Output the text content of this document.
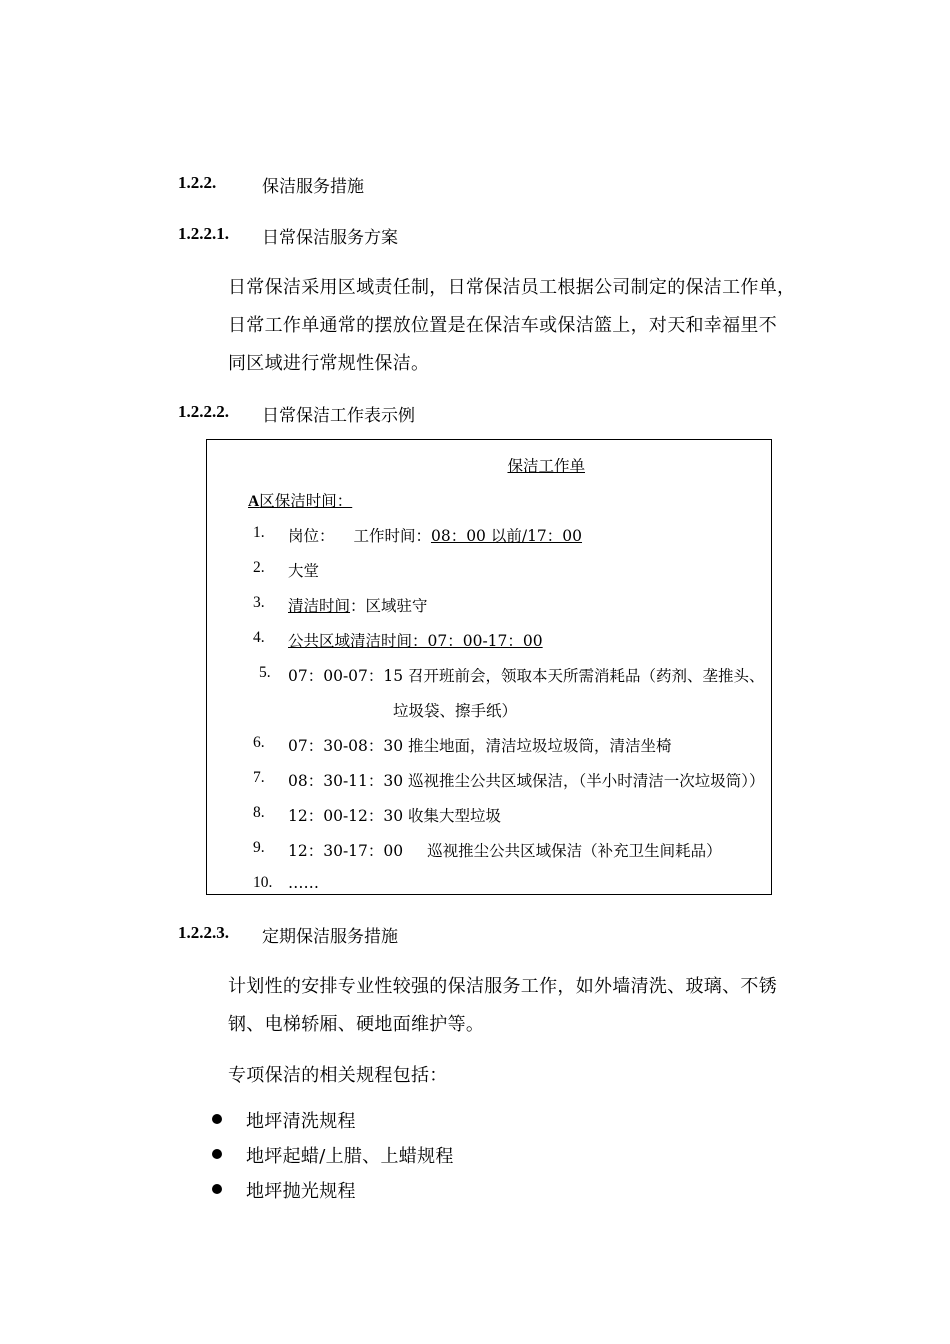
1.2.2.	保洁服务措施
1.2.2.1. 日常保洁服务方案
日常保洁采用区域责任制，日常保洁员工根据公司制定的保洁工作单，
日常工作单通常的摆放位置是在保洁车或保洁篮上，对天和幸福里不
同区域进行常规性保洁。
1.2.2.2. 日常保洁工作表示例
保洁工作单
A区保洁时间：
1. 岗位： 工作时间：08：00 以前/17：00
2. 大堂
3. 清洁时间：区域驻守
4. 公共区域清洁时间：07：00-17：00
5. 07：00-07：15 召开班前会，领取本天所需消耗品（药剂、垄推头、
垃圾袋、擦手纸）
6. 07：30-08：30 推尘地面，清洁垃圾垃圾筒，清洁坐椅
7. 08：30-11：30 巡视推尘公共区域保洁，（半小时清洁一次垃圾筒））
8. 12：00-12：30 收集大型垃圾
9. 12：30-17：00 巡视推尘公共区域保洁（补充卫生间耗品）
10. ……
1.2.2.3. 定期保洁服务措施
计划性的安排专业性较强的保洁服务工作，如外墙清洗、玻璃、不锈
钢、电梯轿厢、硬地面维护等。
专项保洁的相关规程包括：
地坪清洗规程
地坪起蜡/上腊、上蜡规程
地坪抛光规程
